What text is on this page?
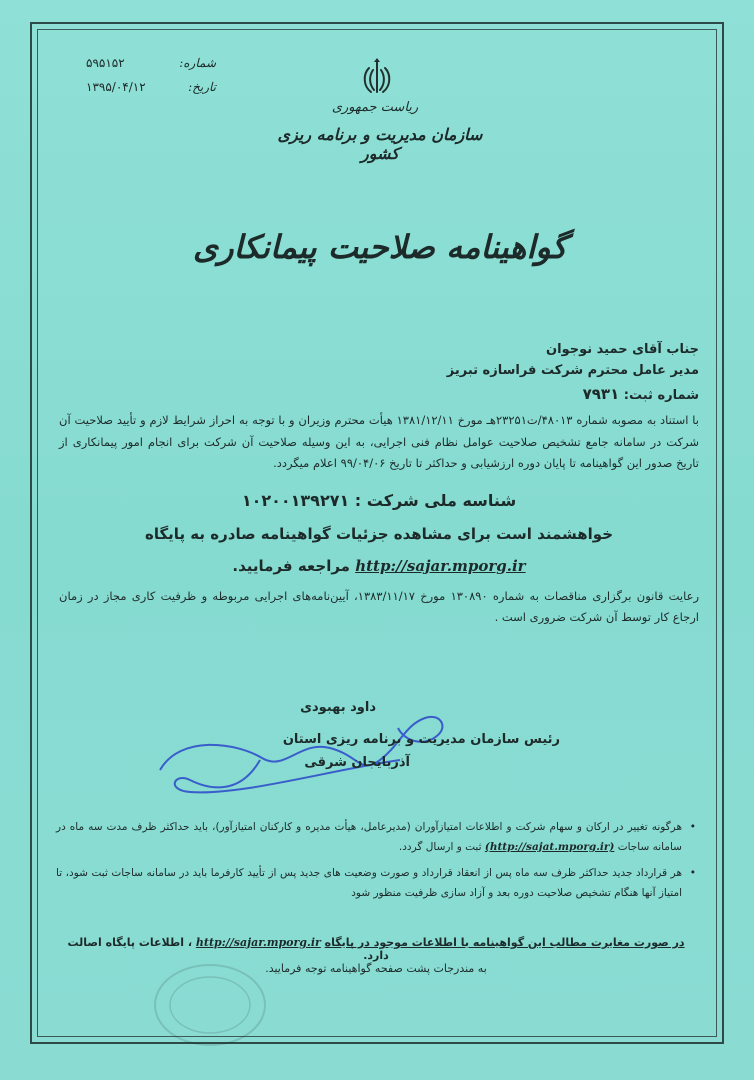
شماره:
۵۹۵۱۵۲
تاریخ:
۱۳۹۵/۰۴/۱۲
ریاست جمهوری
سازمان مدیریت و برنامه ریزی کشور
گواهینامه صلاحیت پیمانکاری
جناب آقای حمید نوجوان
مدیر عامل محترم شرکت فراسازه تبریز
شماره ثبت: ۷۹۳۱
با استناد به مصوبه شماره ۴۸۰۱۳/ت۲۳۲۵۱هـ مورخ ۱۳۸۱/۱۲/۱۱ هیأت محترم وزیران و با توجه به احراز شرایط لازم و تأیید صلاحیت آن شرکت در سامانه جامع تشخیص صلاحیت عوامل نظام فنی اجرایی، به این وسیله صلاحیت آن شرکت برای انجام امور پیمانکاری از تاریخ صدور این گواهینامه تا پایان دوره ارزشیابی و حداکثر تا تاریخ ۹۹/۰۴/۰۶ اعلام میگردد.
شناسه ملی شرکت : ۱۰۲۰۰۱۳۹۲۷۱
خواهشمند است برای مشاهده جزئیات گواهینامه صادره به پایگاه
http://sajar.mporg.ir مراجعه فرمایید.
رعایت قانون برگزاری مناقصات به شماره ۱۳۰۸۹۰ مورخ ۱۳۸۳/۱۱/۱۷، آیین‌نامه‌های اجرایی مربوطه و ظرفیت کاری مجاز در زمان ارجاع کار توسط آن شرکت ضروری است .
داود بهبودی
رئیس سازمان مدیریت و برنامه ریزی استان
آذربایجان شرقی
• هرگونه تغییر در ارکان و سهام شرکت و اطلاعات امتیازآوران (مدیرعامل، هیأت مدیره و کارکنان امتیازآور)، باید حداکثر ظرف مدت سه ماه در سامانه ساجات (http://sajat.mporg.ir) ثبت و ارسال گردد.
• هر قرارداد جدید حداکثر ظرف سه ماه پس از انعقاد قرارداد و صورت وضعیت های جدید پس از تأیید کارفرما باید در سامانه ساجات ثبت شود، تا امتیاز آنها هنگام تشخیص صلاحیت دوره بعد و آزاد سازی ظرفیت منظور شود
در صورت مغایرت مطالب این گواهینامه با اطلاعات موجود در پایگاه http://sajar.mporg.ir ، اطلاعات پایگاه اصالت دارد.
به مندرجات پشت صفحه گواهینامه توجه فرمایید.
